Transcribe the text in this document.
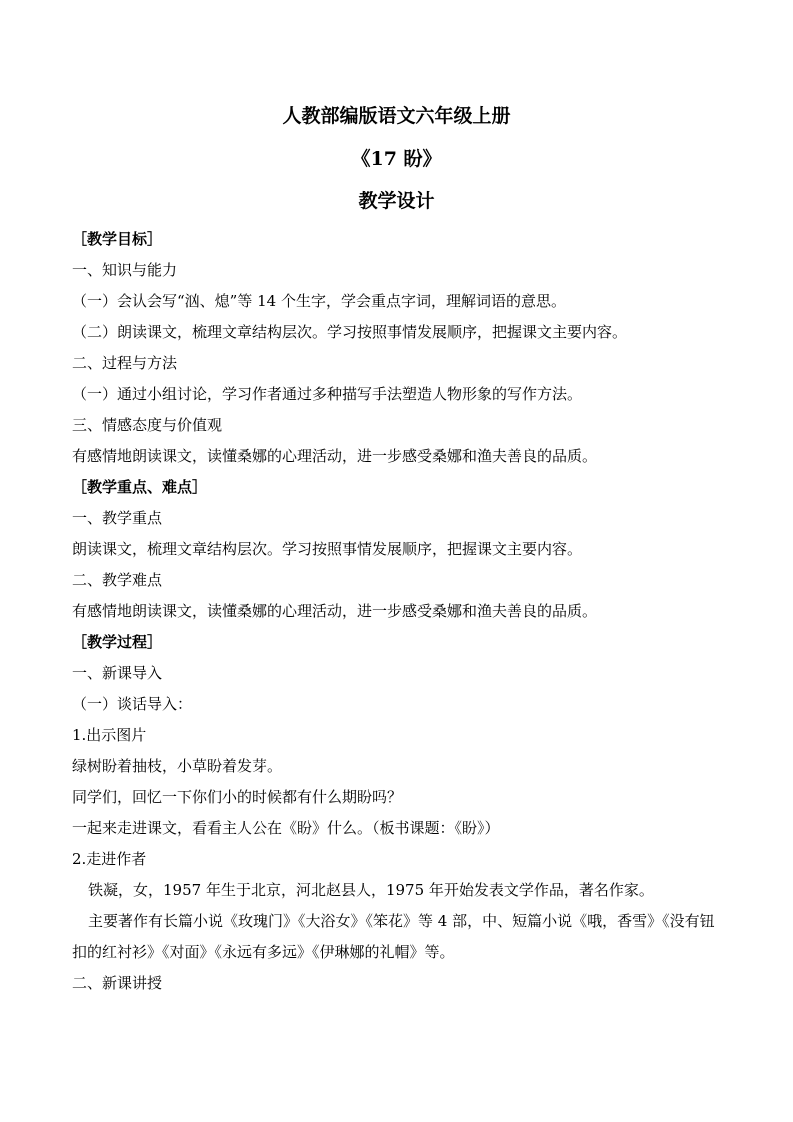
人教部编版语文六年级上册
《17 盼》
教学设计
［教学目标］
一、知识与能力
（一）会认会写“汹、熄”等 14 个生字，学会重点字词，理解词语的意思。
（二）朗读课文，梳理文章结构层次。学习按照事情发展顺序，把握课文主要内容。
二、过程与方法
（一）通过小组讨论，学习作者通过多种描写手法塑造人物形象的写作方法。
三、情感态度与价值观
有感情地朗读课文，读懂桑娜的心理活动，进一步感受桑娜和渔夫善良的品质。
［教学重点、难点］
一、教学重点
朗读课文，梳理文章结构层次。学习按照事情发展顺序，把握课文主要内容。
二、教学难点
有感情地朗读课文，读懂桑娜的心理活动，进一步感受桑娜和渔夫善良的品质。
［教学过程］
一、新课导入
（一）谈话导入：
1.出示图片
绿树盼着抽枝，小草盼着发芽。
同学们，回忆一下你们小的时候都有什么期盼吗？
一起来走进课文，看看主人公在《盼》什么。（板书课题：《盼》）
2.走进作者
铁凝，女，1957 年生于北京，河北赵县人，1975 年开始发表文学作品，著名作家。
主要著作有长篇小说《玫瑰门》《大浴女》《笨花》等 4 部，中、短篇小说《哦，香雪》《没有钮扣的红衬衫》《对面》《永远有多远》《伊琳娜的礼帽》等。
二、新课讲授
